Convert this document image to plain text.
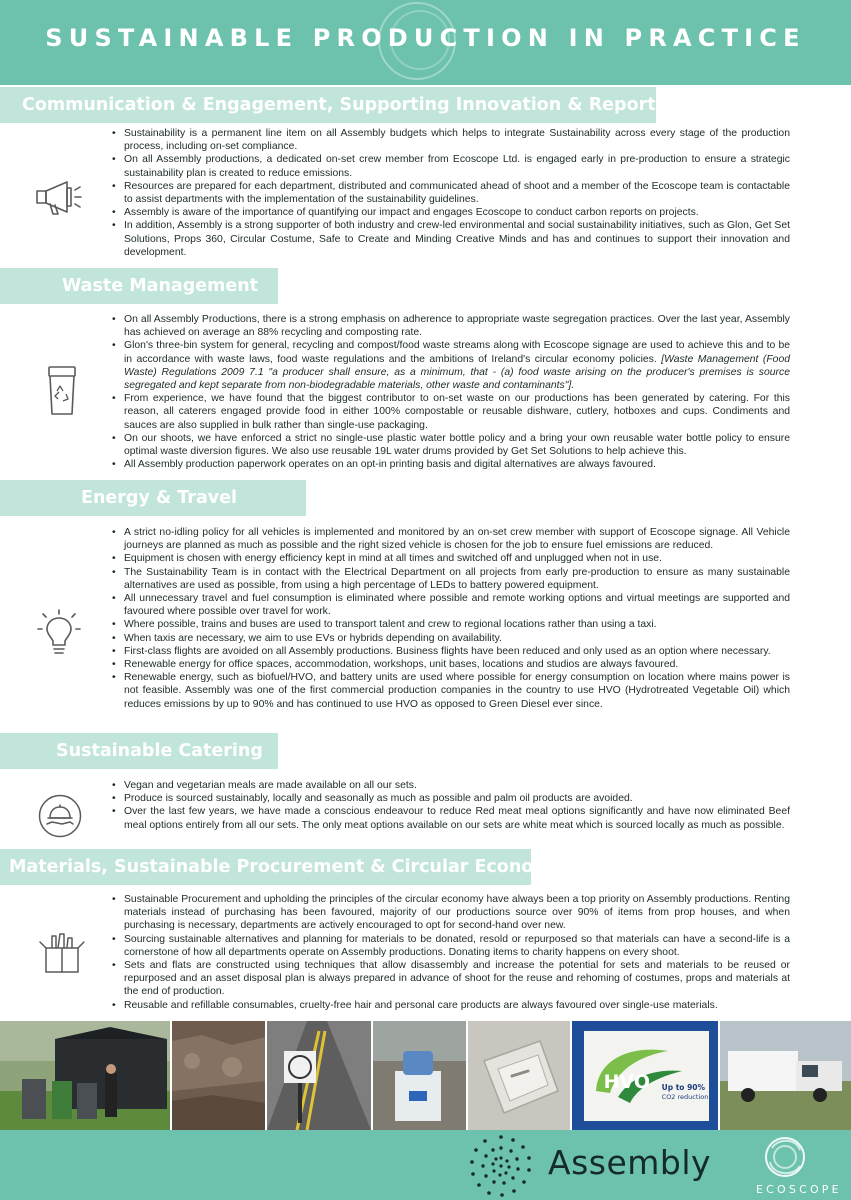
SUSTAINABLE PRODUCTION IN PRACTICE
Communication & Engagement, Supporting Innovation & Reporting
• Sustainability is a permanent line item on all Assembly budgets which helps to integrate Sustainability across every stage of the production process, including on-set compliance.
• On all Assembly productions, a dedicated on-set crew member from Ecoscope Ltd. is engaged early in pre-production to ensure a strategic sustainability plan is created to reduce emissions.
• Resources are prepared for each department, distributed and communicated ahead of shoot and a member of the Ecoscope team is contactable to assist departments with the implementation of the sustainability guidelines.
• Assembly is aware of the importance of quantifying our impact and engages Ecoscope to conduct carbon reports on projects.
• In addition, Assembly is a strong supporter of both industry and crew-led environmental and social sustainability initiatives, such as Glon, Get Set Solutions, Props 360, Circular Costume, Safe to Create and Minding Creative Minds and has and continues to support their innovation and development.
Waste Management
• On all Assembly Productions, there is a strong emphasis on adherence to appropriate waste segregation practices. Over the last year, Assembly has achieved on average an 88% recycling and composting rate.
• Glon's three-bin system for general, recycling and compost/food waste streams along with Ecoscope signage are used to achieve this and to be in accordance with waste laws, food waste regulations and the ambitions of Ireland's circular economy policies. [Waste Management (Food Waste) Regulations 2009 7.1 "a producer shall ensure, as a minimum, that - (a) food waste arising on the producer's premises is source segregated and kept separate from non-biodegradable materials, other waste and contaminants"].
• From experience, we have found that the biggest contributor to on-set waste on our productions has been generated by catering. For this reason, all caterers engaged provide food in either 100% compostable or reusable dishware, cutlery, hotboxes and cups. Condiments and sauces are also supplied in bulk rather than single-use packaging.
• On our shoots, we have enforced a strict no single-use plastic water bottle policy and a bring your own reusable water bottle policy to ensure optimal waste diversion figures. We also use reusable 19L water drums provided by Get Set Solutions to help achieve this.
• All Assembly production paperwork operates on an opt-in printing basis and digital alternatives are always favoured.
Energy & Travel
• A strict no-idling policy for all vehicles is implemented and monitored by an on-set crew member with support of Ecoscope signage. All Vehicle journeys are planned as much as possible and the right sized vehicle is chosen for the job to ensure fuel emissions are reduced.
• Equipment is chosen with energy efficiency kept in mind at all times and switched off and unplugged when not in use.
• The Sustainability Team is in contact with the Electrical Department on all projects from early pre-production to ensure as many sustainable alternatives are used as possible, from using a high percentage of LEDs to battery powered equipment.
• All unnecessary travel and fuel consumption is eliminated where possible and remote working options and virtual meetings are supported and favoured where possible over travel for work.
• Where possible, trains and buses are used to transport talent and crew to regional locations rather than using a taxi.
• When taxis are necessary, we aim to use EVs or hybrids depending on availability.
• First-class flights are avoided on all Assembly productions. Business flights have been reduced and only used as an option where necessary.
• Renewable energy for office spaces, accommodation, workshops, unit bases, locations and studios are always favoured.
• Renewable energy, such as biofuel/HVO, and battery units are used where possible for energy consumption on location where mains power is not feasible. Assembly was one of the first commercial production companies in the country to use HVO (Hydrotreated Vegetable Oil) which reduces emissions by up to 90% and has continued to use HVO as opposed to Green Diesel ever since.
Sustainable Catering
• Vegan and vegetarian meals are made available on all our sets.
• Produce is sourced sustainably, locally and seasonally as much as possible and palm oil products are avoided.
• Over the last few years, we have made a conscious endeavour to reduce Red meat meal options significantly and have now eliminated Beef meal options entirely from all our sets. The only meat options available on our sets are white meat which is sourced locally as much as possible.
Materials, Sustainable Procurement & Circular Economy
• Sustainable Procurement and upholding the principles of the circular economy have always been a top priority on Assembly productions. Renting materials instead of purchasing has been favoured, majority of our productions source over 90% of items from prop houses, and when purchasing is necessary, departments are actively encouraged to opt for second-hand over new.
• Sourcing sustainable alternatives and planning for materials to be donated, resold or repurposed so that materials can have a second-life is a cornerstone of how all departments operate on Assembly productions. Donating items to charity happens on every shoot.
• Sets and flats are constructed using techniques that allow disassembly and increase the potential for sets and materials to be reused or repurposed and an asset disposal plan is always prepared in advance of shoot for the reuse and rehoming of costumes, props and materials at the end of production.
• Reusable and refillable consumables, cruelty-free hair and personal care products are always favoured over single-use materials.
HVO Up to 90%
CO2 reduction
Assembly
ECOSCOPE
